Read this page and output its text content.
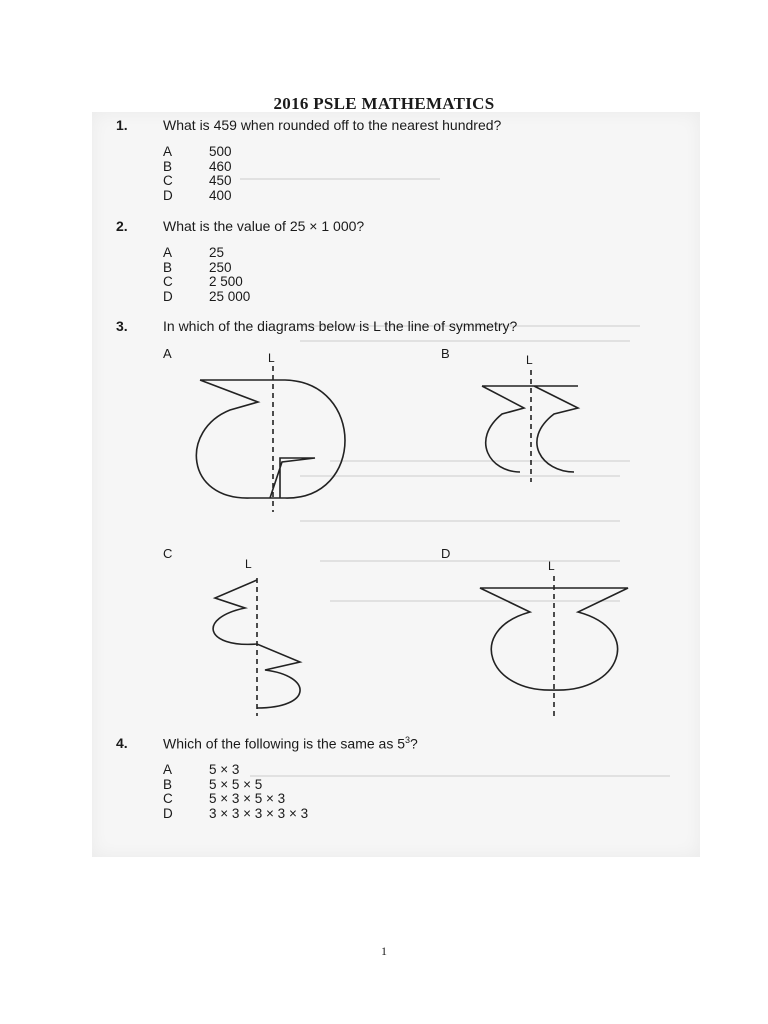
2016 PSLE MATHEMATICS
1.	What is 459 when rounded off to the nearest hundred?
A	500
B	460
C	450
D	400
2.	What is the value of 25 × 1 000?
A	25
B	250
C	2 500
D	25 000
3.	In which of the diagrams below is L the line of symmetry?
A	B
C	D
L	L
L	L
4.	Which of the following is the same as $5^3$?
A	5 × 3
B	5 × 5 × 5
C	5 × 3 × 5 × 3
D	3 × 3 × 3 × 3 × 3
1
